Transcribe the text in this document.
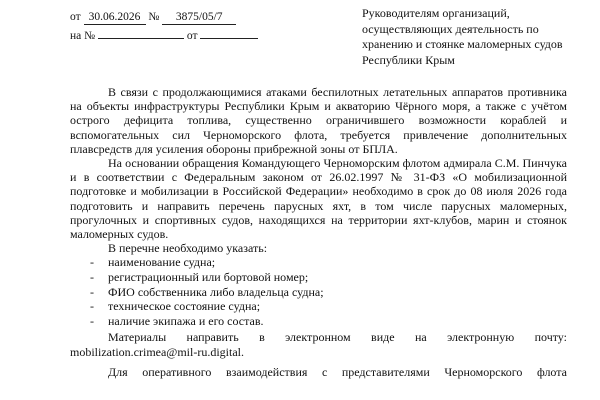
от 30.06.2026 № 3875/05/7
на №	от
Руководителям организаций, осуществляющих деятельность по хранению и стоянке маломерных судов Республики Крым

В связи с продолжающимися атаками беспилотных летательных аппаратов противника на объекты инфраструктуры Республики Крым и акваторию Чёрного моря, а также с учётом острого дефицита топлива, существенно ограничившего возможности кораблей и вспомогательных сил Черноморского флота, требуется привлечение дополнительных плавсредств для усиления обороны прибрежной зоны от БПЛА.

На основании обращения Командующего Черноморским флотом адмирала С.М. Пинчука и в соответствии с Федеральным законом от 26.02.1997 № 31-ФЗ «О мобилизационной подготовке и мобилизации в Российской Федерации» необходимо в срок до 08 июля 2026 года подготовить и направить перечень парусных яхт, в том числе парусных маломерных, прогулочных и спортивных судов, находящихся на территории яхт-клубов, марин и стоянок маломерных судов.

В перечне необходимо указать:

- наименование судна;
- регистрационный или бортовой номер;
- ФИО собственника либо владельца судна;
- техническое состояние судна;
- наличие экипажа и его состав.

Материалы направить в электронном виде на электронную почту: mobilization.crimea@mil-ru.digital.

Для оперативного взаимодействия с представителями Черноморского флота
